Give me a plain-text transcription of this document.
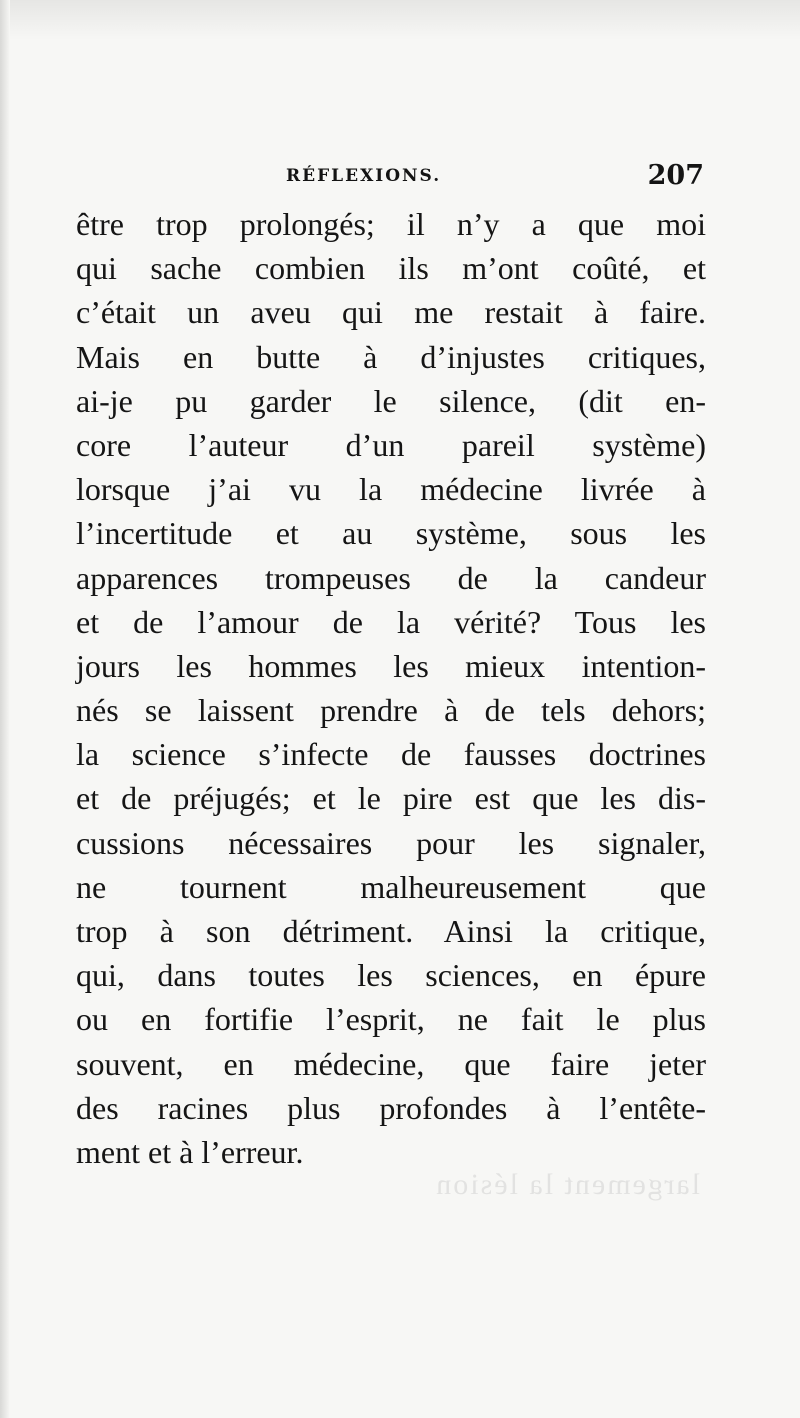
RÉFLEXIONS.	207
être trop prolongés; il n’y a que moi
qui sache combien ils m’ont coûté, et
c’était un aveu qui me restait à faire.
Mais en butte à d’injustes critiques,
ai-je pu garder le silence, (dit en-
core l’auteur d’un pareil système)
lorsque j’ai vu la médecine livrée à
l’incertitude et au système, sous les
apparences trompeuses de la candeur
et de l’amour de la vérité? Tous les
jours les hommes les mieux intention-
nés se laissent prendre à de tels dehors;
la science s’infecte de fausses doctrines
et de préjugés; et le pire est que les dis-
cussions nécessaires pour les signaler,
ne tournent malheureusement que
trop à son détriment. Ainsi la critique,
qui, dans toutes les sciences, en épure
ou en fortifie l’esprit, ne fait le plus
souvent, en médecine, que faire jeter
des racines plus profondes à l’entête-
ment et à l’erreur.
largement la lésion
